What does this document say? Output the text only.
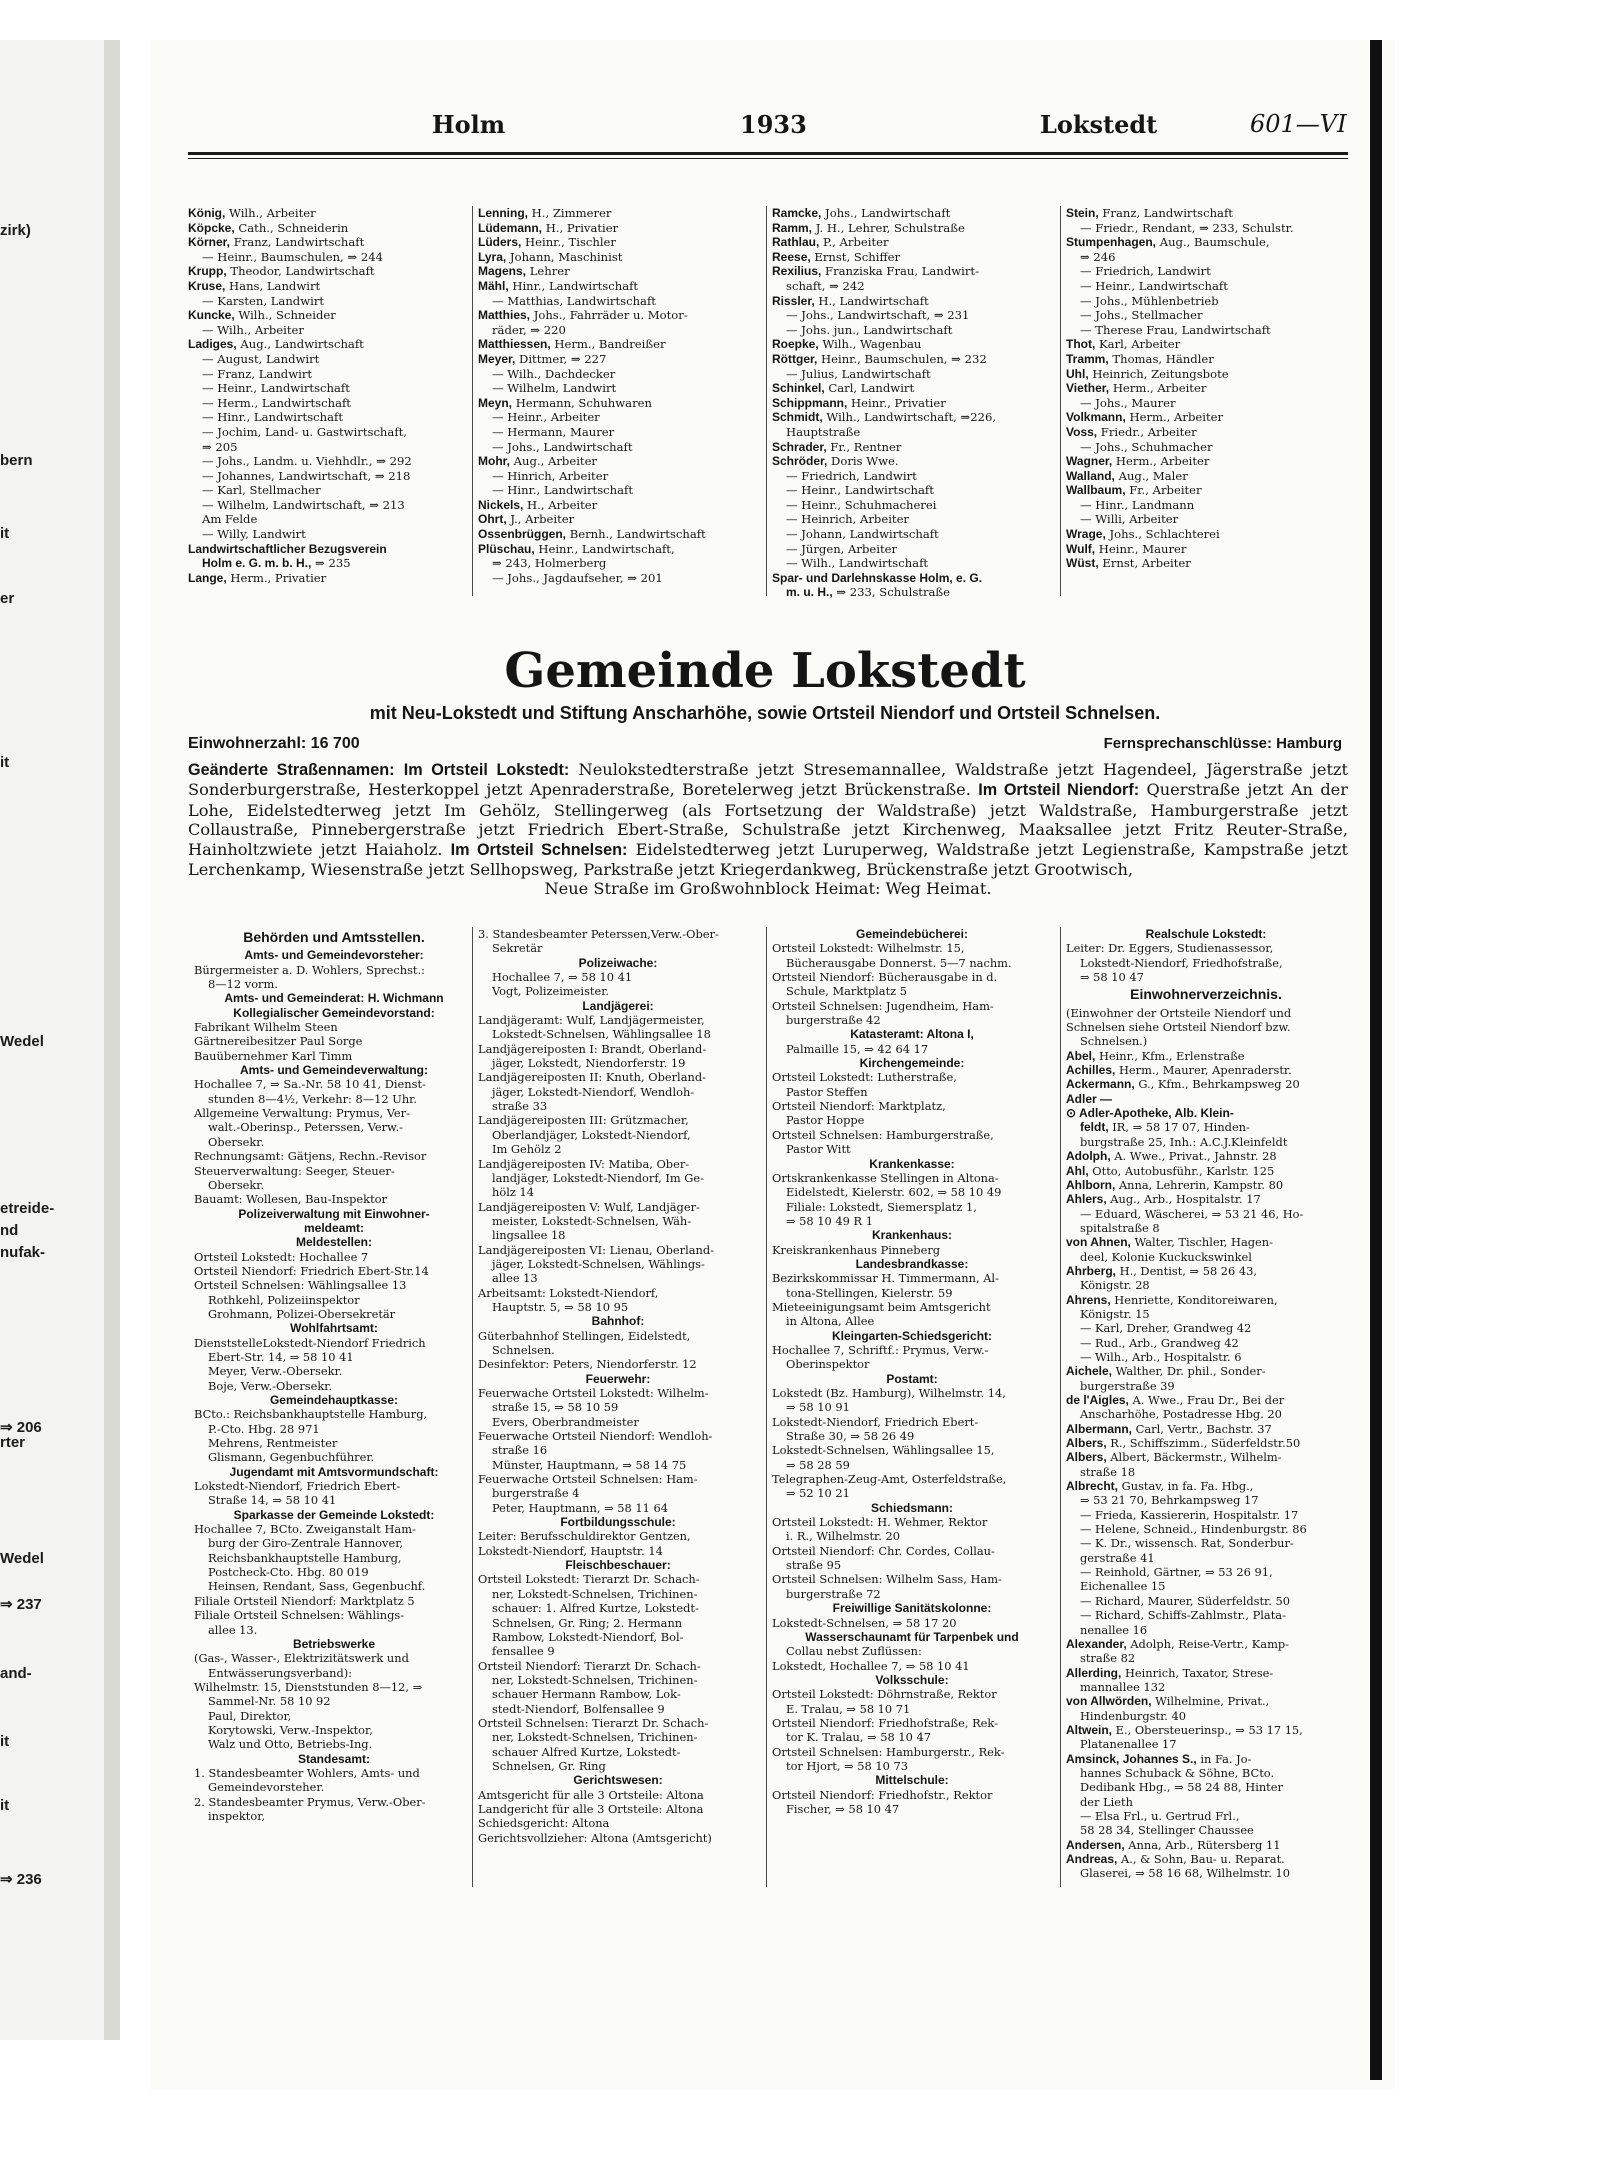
Holm	1933	Lokstedt	601—VI
König, Wilh., Arbeiter
Köpcke, Cath., Schneiderin
Körner, Franz, Landwirtschaft
— Heinr., Baumschulen, ⇒ 244
Krupp, Theodor, Landwirtschaft
Kruse, Hans, Landwirt
— Karsten, Landwirt
Kuncke, Wilh., Schneider
— Wilh., Arbeiter
Ladiges, Aug., Landwirtschaft
— August, Landwirt
— Franz, Landwirt
— Heinr., Landwirtschaft
— Herm., Landwirtschaft
— Hinr., Landwirtschaft
— Jochim, Land- u. Gastwirtschaft,
⇒ 205
— Johs., Landm. u. Viehhdlr., ⇒ 292
— Johannes, Landwirtschaft, ⇒ 218
— Karl, Stellmacher
— Wilhelm, Landwirtschaft, ⇒ 213
Am Felde
— Willy, Landwirt
Landwirtschaftlicher Bezugsverein
Holm e. G. m. b. H., ⇒ 235
Lange, Herm., Privatier
Lenning, H., Zimmerer
Lüdemann, H., Privatier
Lüders, Heinr., Tischler
Lyra, Johann, Maschinist
Magens, Lehrer
Mähl, Hinr., Landwirtschaft
— Matthias, Landwirtschaft
Matthies, Johs., Fahrräder u. Motor-
räder, ⇒ 220
Matthiessen, Herm., Bandreißer
Meyer, Dittmer, ⇒ 227
— Wilh., Dachdecker
— Wilhelm, Landwirt
Meyn, Hermann, Schuhwaren
— Heinr., Arbeiter
— Hermann, Maurer
— Johs., Landwirtschaft
Mohr, Aug., Arbeiter
— Hinrich, Arbeiter
— Hinr., Landwirtschaft
Nickels, H., Arbeiter
Ohrt, J., Arbeiter
Ossenbrüggen, Bernh., Landwirtschaft
Plüschau, Heinr., Landwirtschaft,
⇒ 243, Holmerberg
— Johs., Jagdaufseher, ⇒ 201
Ramcke, Johs., Landwirtschaft
Ramm, J. H., Lehrer, Schulstraße
Rathlau, P., Arbeiter
Reese, Ernst, Schiffer
Rexilius, Franziska Frau, Landwirt-
schaft, ⇒ 242
Rissler, H., Landwirtschaft
— Johs., Landwirtschaft, ⇒ 231
— Johs. jun., Landwirtschaft
Roepke, Wilh., Wagenbau
Röttger, Heinr., Baumschulen, ⇒ 232
— Julius, Landwirtschaft
Schinkel, Carl, Landwirt
Schippmann, Heinr., Privatier
Schmidt, Wilh., Landwirtschaft, ⇒226,
Hauptstraße
Schrader, Fr., Rentner
Schröder, Doris Wwe.
— Friedrich, Landwirt
— Heinr., Landwirtschaft
— Heinr., Schuhmacherei
— Heinrich, Arbeiter
— Johann, Landwirtschaft
— Jürgen, Arbeiter
— Wilh., Landwirtschaft
Spar- und Darlehnskasse Holm, e. G.
m. u. H., ⇒ 233, Schulstraße
Stein, Franz, Landwirtschaft
— Friedr., Rendant, ⇒ 233, Schulstr.
Stumpenhagen, Aug., Baumschule,
⇒ 246
— Friedrich, Landwirt
— Heinr., Landwirtschaft
— Johs., Mühlenbetrieb
— Johs., Stellmacher
— Therese Frau, Landwirtschaft
Thot, Karl, Arbeiter
Tramm, Thomas, Händler
Uhl, Heinrich, Zeitungsbote
Viether, Herm., Arbeiter
— Johs., Maurer
Volkmann, Herm., Arbeiter
Voss, Friedr., Arbeiter
— Johs., Schuhmacher
Wagner, Herm., Arbeiter
Walland, Aug., Maler
Wallbaum, Fr., Arbeiter
— Hinr., Landmann
— Willi, Arbeiter
Wrage, Johs., Schlachterei
Wulf, Heinr., Maurer
Wüst, Ernst, Arbeiter
Gemeinde Lokstedt
mit Neu-Lokstedt und Stiftung Anscharhöhe, sowie Ortsteil Niendorf und Ortsteil Schnelsen.
Einwohnerzahl: 16 700	Fernsprechanschlüsse: Hamburg
Geänderte Straßennamen: Im Ortsteil Lokstedt: Neulokstedterstraße jetzt Stresemannallee, Waldstraße jetzt Hagendeel, Jägerstraße jetzt Sonderburgerstraße, Hesterkoppel jetzt Apenraderstraße, Boretelerweg jetzt Brückenstraße. Im Ortsteil Niendorf: Querstraße jetzt An der Lohe, Eidelstedterweg jetzt Im Gehölz, Stellingerweg (als Fortsetzung der Waldstraße) jetzt Waldstraße, Hamburgerstraße jetzt Collaustraße, Pinnebergerstraße jetzt Friedrich Ebert-Straße, Schulstraße jetzt Kirchenweg, Maaksallee jetzt Fritz Reuter-Straße, Hainholtzwiete jetzt Haiaholz. Im Ortsteil Schnelsen: Eidelstedterweg jetzt Luruperweg, Waldstraße jetzt Legienstraße, Kampstraße jetzt Lerchenkamp, Wiesenstraße jetzt Sellhopsweg, Parkstraße jetzt Kriegerdankweg, Brückenstraße jetzt Grootwisch,
Neue Straße im Großwohnblock Heimat: Weg Heimat.
Behörden und Amtsstellen.
Amts- und Gemeindevorsteher:
Bürgermeister a. D. Wohlers, Sprechst.:
8—12 vorm.
Amts- und Gemeinderat: H. Wichmann
Kollegialischer Gemeindevorstand:
Fabrikant Wilhelm Steen
Gärtnereibesitzer Paul Sorge
Bauübernehmer Karl Timm
Amts- und Gemeindeverwaltung:
Hochallee 7, ⇒ Sa.-Nr. 58 10 41, Dienst-
stunden 8—4½, Verkehr: 8—12 Uhr.
Allgemeine Verwaltung: Prymus, Ver-
walt.-Oberinsp., Peterssen, Verw.-
Obersekr.
Rechnungsamt: Gätjens, Rechn.-Revisor
Steuerverwaltung: Seeger, Steuer-
Obersekr.
Bauamt: Wollesen, Bau-Inspektor
Polizeiverwaltung mit Einwohner-
meldeamt:
Meldestellen:
Ortsteil Lokstedt: Hochallee 7
Ortsteil Niendorf: Friedrich Ebert-Str.14
Ortsteil Schnelsen: Wählingsallee 13
Rothkehl, Polizeiinspektor
Grohmann, Polizei-Obersekretär
Wohlfahrtsamt:
DienststelleLokstedt-Niendorf Friedrich
Ebert-Str. 14, ⇒ 58 10 41
Meyer, Verw.-Obersekr.
Boje, Verw.-Obersekr.
Gemeindehauptkasse:
BCto.: Reichsbankhauptstelle Hamburg,
P.-Cto. Hbg. 28 971
Mehrens, Rentmeister
Glismann, Gegenbuchführer.
Jugendamt mit Amtsvormundschaft:
Lokstedt-Niendorf, Friedrich Ebert-
Straße 14, ⇒ 58 10 41
Sparkasse der Gemeinde Lokstedt:
Hochallee 7, BCto. Zweiganstalt Ham-
burg der Giro-Zentrale Hannover,
Reichsbankhauptstelle Hamburg,
Postcheck-Cto. Hbg. 80 019
Heinsen, Rendant, Sass, Gegenbuchf.
Filiale Ortsteil Niendorf: Marktplatz 5
Filiale Ortsteil Schnelsen: Wählings-
allee 13.
Betriebswerke
(Gas-, Wasser-, Elektrizitätswerk und
Entwässerungsverband):
Wilhelmstr. 15, Dienststunden 8—12, ⇒
Sammel-Nr. 58 10 92
Paul, Direktor,
Korytowski, Verw.-Inspektor,
Walz und Otto, Betriebs-Ing.
Standesamt:
1. Standesbeamter Wohlers, Amts- und
Gemeindevorsteher.
2. Standesbeamter Prymus, Verw.-Ober-
inspektor,
3. Standesbeamter Peterssen,Verw.-Ober-
Sekretär
Polizeiwache:
Hochallee 7, ⇒ 58 10 41
Vogt, Polizeimeister.
Landjägerei:
Landjägeramt: Wulf, Landjägermeister,
Lokstedt-Schnelsen, Wählingsallee 18
Landjägereiposten I: Brandt, Oberland-
jäger, Lokstedt, Niendorferstr. 19
Landjägereiposten II: Knuth, Oberland-
jäger, Lokstedt-Niendorf, Wendloh-
straße 33
Landjägereiposten III: Grützmacher,
Oberlandjäger, Lokstedt-Niendorf,
Im Gehölz 2
Landjägereiposten IV: Matiba, Ober-
landjäger, Lokstedt-Niendorf, Im Ge-
hölz 14
Landjägereiposten V: Wulf, Landjäger-
meister, Lokstedt-Schnelsen, Wäh-
lingsallee 18
Landjägereiposten VI: Lienau, Oberland-
jäger, Lokstedt-Schnelsen, Wählings-
allee 13
Arbeitsamt: Lokstedt-Niendorf,
Hauptstr. 5, ⇒ 58 10 95
Bahnhof:
Güterbahnhof Stellingen, Eidelstedt,
Schnelsen.
Desinfektor: Peters, Niendorferstr. 12
Feuerwehr:
Feuerwache Ortsteil Lokstedt: Wilhelm-
straße 15, ⇒ 58 10 59
Evers, Oberbrandmeister
Feuerwache Ortsteil Niendorf: Wendloh-
straße 16
Münster, Hauptmann, ⇒ 58 14 75
Feuerwache Ortsteil Schnelsen: Ham-
burgerstraße 4
Peter, Hauptmann, ⇒ 58 11 64
Fortbildungsschule:
Leiter: Berufsschuldirektor Gentzen,
Lokstedt-Niendorf, Hauptstr. 14
Fleischbeschauer:
Ortsteil Lokstedt: Tierarzt Dr. Schach-
ner, Lokstedt-Schnelsen, Trichinen-
schauer: 1. Alfred Kurtze, Lokstedt-
Schnelsen, Gr. Ring; 2. Hermann
Rambow, Lokstedt-Niendorf, Bol-
fensallee 9
Ortsteil Niendorf: Tierarzt Dr. Schach-
ner, Lokstedt-Schnelsen, Trichinen-
schauer Hermann Rambow, Lok-
stedt-Niendorf, Bolfensallee 9
Ortsteil Schnelsen: Tierarzt Dr. Schach-
ner, Lokstedt-Schnelsen, Trichinen-
schauer Alfred Kurtze, Lokstedt-
Schnelsen, Gr. Ring
Gerichtswesen:
Amtsgericht für alle 3 Ortsteile: Altona
Landgericht für alle 3 Ortsteile: Altona
Schiedsgericht: Altona
Gerichtsvollzieher: Altona (Amtsgericht)
Gemeindebücherei:
Ortsteil Lokstedt: Wilhelmstr. 15,
Bücherausgabe Donnerst. 5—7 nachm.
Ortsteil Niendorf: Bücherausgabe in d.
Schule, Marktplatz 5
Ortsteil Schnelsen: Jugendheim, Ham-
burgerstraße 42
Katasteramt: Altona I,
Palmaille 15, ⇒ 42 64 17
Kirchengemeinde:
Ortsteil Lokstedt: Lutherstraße,
Pastor Steffen
Ortsteil Niendorf: Marktplatz,
Pastor Hoppe
Ortsteil Schnelsen: Hamburgerstraße,
Pastor Witt
Krankenkasse:
Ortskrankenkasse Stellingen in Altona-
Eidelstedt, Kielerstr. 602, ⇒ 58 10 49
Filiale: Lokstedt, Siemersplatz 1,
⇒ 58 10 49 R 1
Krankenhaus:
Kreiskrankenhaus Pinneberg
Landesbrandkasse:
Bezirkskommissar H. Timmermann, Al-
tona-Stellingen, Kielerstr. 59
Mieteeinigungsamt beim Amtsgericht
in Altona, Allee
Kleingarten-Schiedsgericht:
Hochallee 7, Schriftf.: Prymus, Verw.-
Oberinspektor
Postamt:
Lokstedt (Bz. Hamburg), Wilhelmstr. 14,
⇒ 58 10 91
Lokstedt-Niendorf, Friedrich Ebert-
Straße 30, ⇒ 58 26 49
Lokstedt-Schnelsen, Wählingsallee 15,
⇒ 58 28 59
Telegraphen-Zeug-Amt, Osterfeldstraße,
⇒ 52 10 21
Schiedsmann:
Ortsteil Lokstedt: H. Wehmer, Rektor
i. R., Wilhelmstr. 20
Ortsteil Niendorf: Chr. Cordes, Collau-
straße 95
Ortsteil Schnelsen: Wilhelm Sass, Ham-
burgerstraße 72
Freiwillige Sanitätskolonne:
Lokstedt-Schnelsen, ⇒ 58 17 20
Wasserschaunamt für Tarpenbek und
Collau nebst Zuflüssen:
Lokstedt, Hochallee 7, ⇒ 58 10 41
Volksschule:
Ortsteil Lokstedt: Döhrnstraße, Rektor
E. Tralau, ⇒ 58 10 71
Ortsteil Niendorf: Friedhofstraße, Rek-
tor K. Tralau, ⇒ 58 10 47
Ortsteil Schnelsen: Hamburgerstr., Rek-
tor Hjort, ⇒ 58 10 73
Mittelschule:
Ortsteil Niendorf: Friedhofstr., Rektor
Fischer, ⇒ 58 10 47
Realschule Lokstedt:
Leiter: Dr. Eggers, Studienassessor,
Lokstedt-Niendorf, Friedhofstraße,
⇒ 58 10 47
Einwohnerverzeichnis.
(Einwohner der Ortsteile Niendorf und
Schnelsen siehe Ortsteil Niendorf bzw.
Schnelsen.)
Abel, Heinr., Kfm., Erlenstraße
Achilles, Herm., Maurer, Apenraderstr.
Ackermann, G., Kfm., Behrkampsweg 20
Adler —
⊙ Adler-Apotheke, Alb. Klein-
feldt, IR, ⇒ 58 17 07, Hinden-
burgstraße 25, Inh.: A.C.J.Kleinfeldt
Adolph, A. Wwe., Privat., Jahnstr. 28
Ahl, Otto, Autobusführ., Karlstr. 125
Ahlborn, Anna, Lehrerin, Kampstr. 80
Ahlers, Aug., Arb., Hospitalstr. 17
— Eduard, Wäscherei, ⇒ 53 21 46, Ho-
spitalstraße 8
von Ahnen, Walter, Tischler, Hagen-
deel, Kolonie Kuckuckswinkel
Ahrberg, H., Dentist, ⇒ 58 26 43,
Königstr. 28
Ahrens, Henriette, Konditoreiwaren,
Königstr. 15
— Karl, Dreher, Grandweg 42
— Rud., Arb., Grandweg 42
— Wilh., Arb., Hospitalstr. 6
Aichele, Walther, Dr. phil., Sonder-
burgerstraße 39
de l'Aigles, A. Wwe., Frau Dr., Bei der
Anscharhöhe, Postadresse Hbg. 20
Albermann, Carl, Vertr., Bachstr. 37
Albers, R., Schiffszimm., Süderfeldstr.50
Albers, Albert, Bäckermstr., Wilhelm-
straße 18
Albrecht, Gustav, in fa. Fa. Hbg.,
⇒ 53 21 70, Behrkampsweg 17
— Frieda, Kassiererin, Hospitalstr. 17
— Helene, Schneid., Hindenburgstr. 86
— K. Dr., wissensch. Rat, Sonderbur-
gerstraße 41
— Reinhold, Gärtner, ⇒ 53 26 91,
Eichenallee 15
— Richard, Maurer, Süderfeldstr. 50
— Richard, Schiffs-Zahlmstr., Plata-
nenallee 16
Alexander, Adolph, Reise-Vertr., Kamp-
straße 82
Allerding, Heinrich, Taxator, Strese-
mannallee 132
von Allwörden, Wilhelmine, Privat.,
Hindenburgstr. 40
Altwein, E., Obersteuerinsp., ⇒ 53 17 15,
Platanenallee 17
Amsinck, Johannes S., in Fa. Jo-
hannes Schuback & Söhne, BCto.
Dedibank Hbg., ⇒ 58 24 88, Hinter
der Lieth
— Elsa Frl., u. Gertrud Frl.,
58 28 34, Stellinger Chaussee
Andersen, Anna, Arb., Rütersberg 11
Andreas, A., & Sohn, Bau- u. Reparat.
Glaserei, ⇒ 58 16 68, Wilhelmstr. 10
zirk)
bern
it
er
it
Wedel
etreide-
nd
nufak-
⇒ 206
rter
Wedel
⇒ 237
and-
it
it
⇒ 236
